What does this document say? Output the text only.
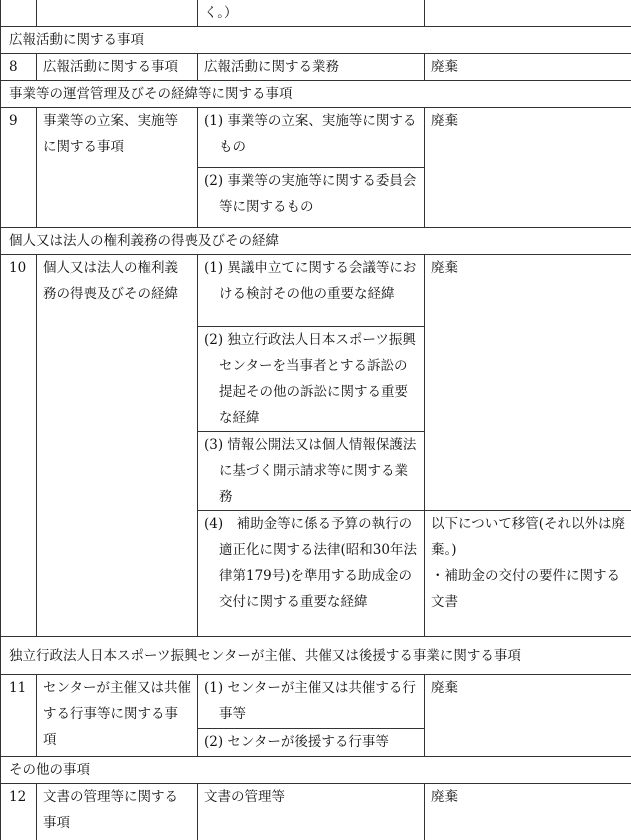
		く。）	
広報活動に関する事項			
8	広報活動に関する事項	広報活動に関する業務	廃棄
事業等の運営管理及びその経緯等に関する事項			
9	事業等の立案、実施等に関する事項	(1) 事業等の立案、実施等に関するもの	廃棄
		(2) 事業等の実施等に関する委員会等に関するもの	
個人又は法人の権利義務の得喪及びその経緯			
10	個人又は法人の権利義務の得喪及びその経緯	(1) 異議申立てに関する会議等における検討その他の重要な経緯	廃棄
		(2) 独立行政法人日本スポーツ振興センターを当事者とする訴訟の提起その他の訴訟に関する重要な経緯	
		(3) 情報公開法又は個人情報保護法に基づく開示請求等に関する業務	
		(4)　補助金等に係る予算の執行の適正化に関する法律(昭和30年法律第179号)を準用する助成金の交付に関する重要な経緯	以下について移管(それ以外は廃棄。)
・補助金の交付の要件に関する文書

独立行政法人日本スポーツ振興センターが主催、共催又は後援する事業に関する事項			
11	センターが主催又は共催する行事等に関する事項	(1) センターが主催又は共催する行事等	廃棄
		(2) センターが後援する行事等	
その他の事項			
12	文書の管理等に関する事項	文書の管理等	廃棄
